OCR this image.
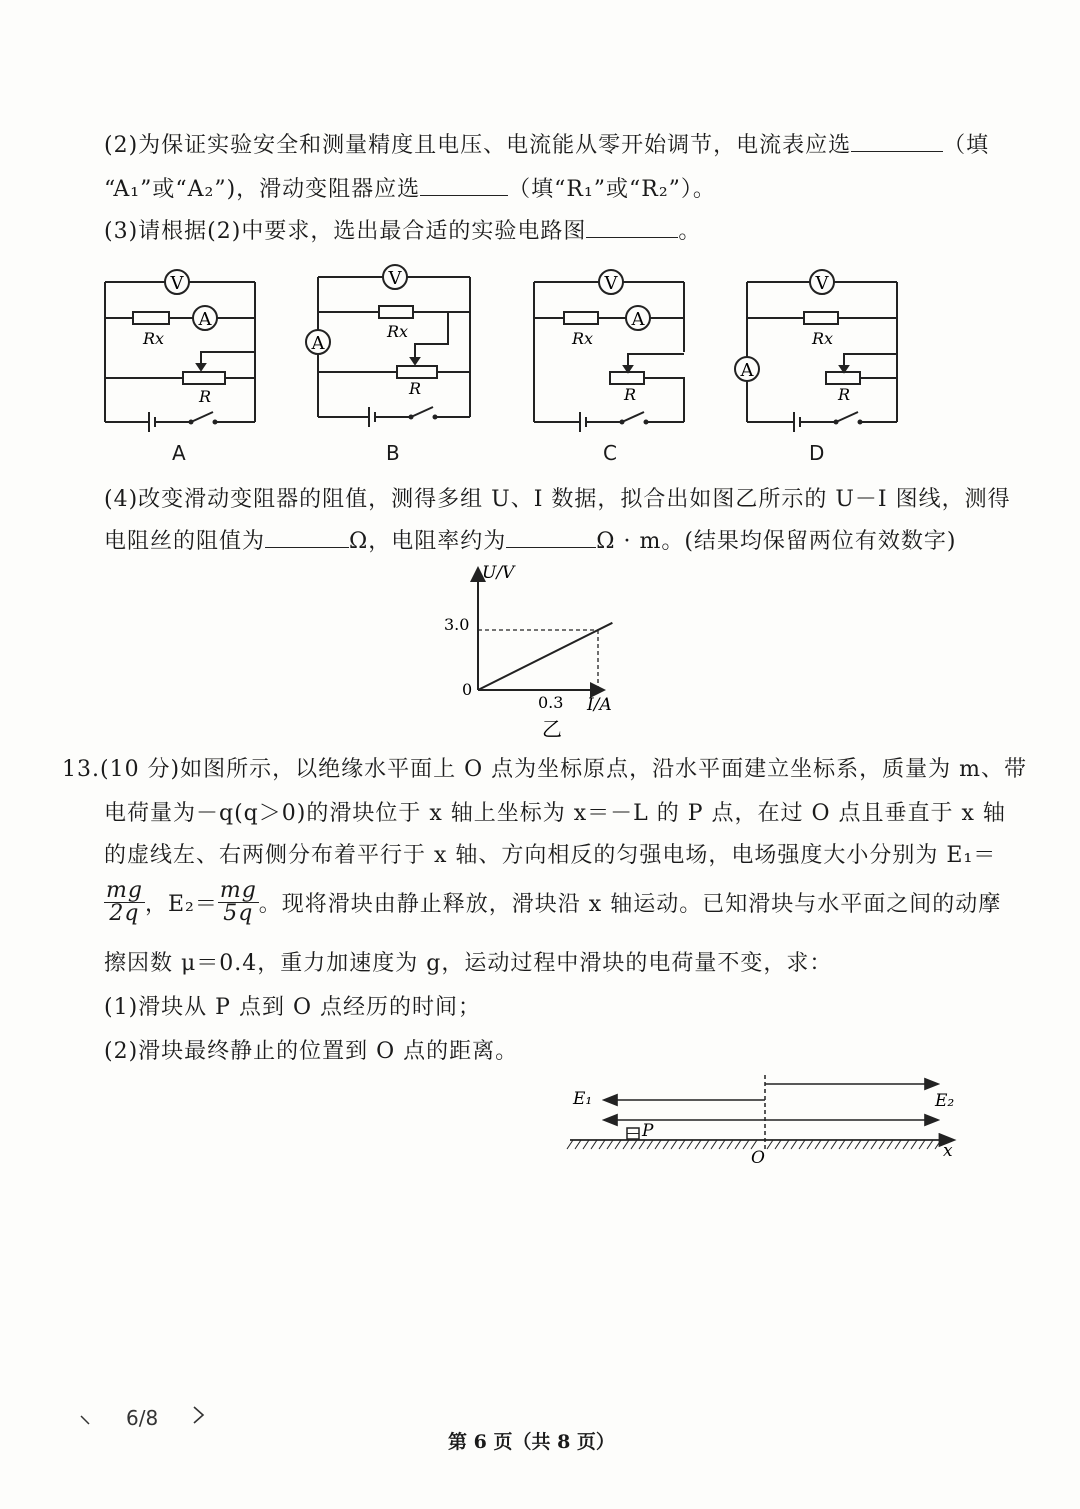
(2)为保证实验安全和测量精度且电压、电流能从零开始调节，电流表应选	（填
“A₁”或“A₂”)，滑动变阻器应选	（填“R₁”或“R₂”）。
(3)请根据(2)中要求，选出最合适的实验电路图	。
V
A
Rx
R
A
V
A
Rx
R
B
V
A
Rx
R
C
V
A
Rx
R
D
(4)改变滑动变阻器的阻值，测得多组 U、I 数据，拟合出如图乙所示的 U－I 图线，测得
电阻丝的阻值为	Ω，电阻率约为	Ω · m。(结果均保留两位有效数字)
U/V
I/A
0
3.0
0.3
乙
13.(10 分)如图所示，以绝缘水平面上 O 点为坐标原点，沿水平面建立坐标系，质量为 m、带
电荷量为－q(q＞0)的滑块位于 x 轴上坐标为 x＝－L 的 P 点，在过 O 点且垂直于 x 轴
的虚线左、右两侧分布着平行于 x 轴、方向相反的匀强电场，电场强度大小分别为 E₁＝
$\frac{mg}{2q}$ ，$E_2= \frac{mg}{5q}$ 。现将滑块由静止释放，滑块沿 x 轴运动。已知滑块与水平面之间的动摩
擦因数 μ＝0.4，重力加速度为 g，运动过程中滑块的电荷量不变，求：
(1)滑块从 P 点到 O 点经历的时间；
(2)滑块最终静止的位置到 O 点的距离。
E₁	E₂
P
O	x
6/8
第 6 页（共 8 页）
